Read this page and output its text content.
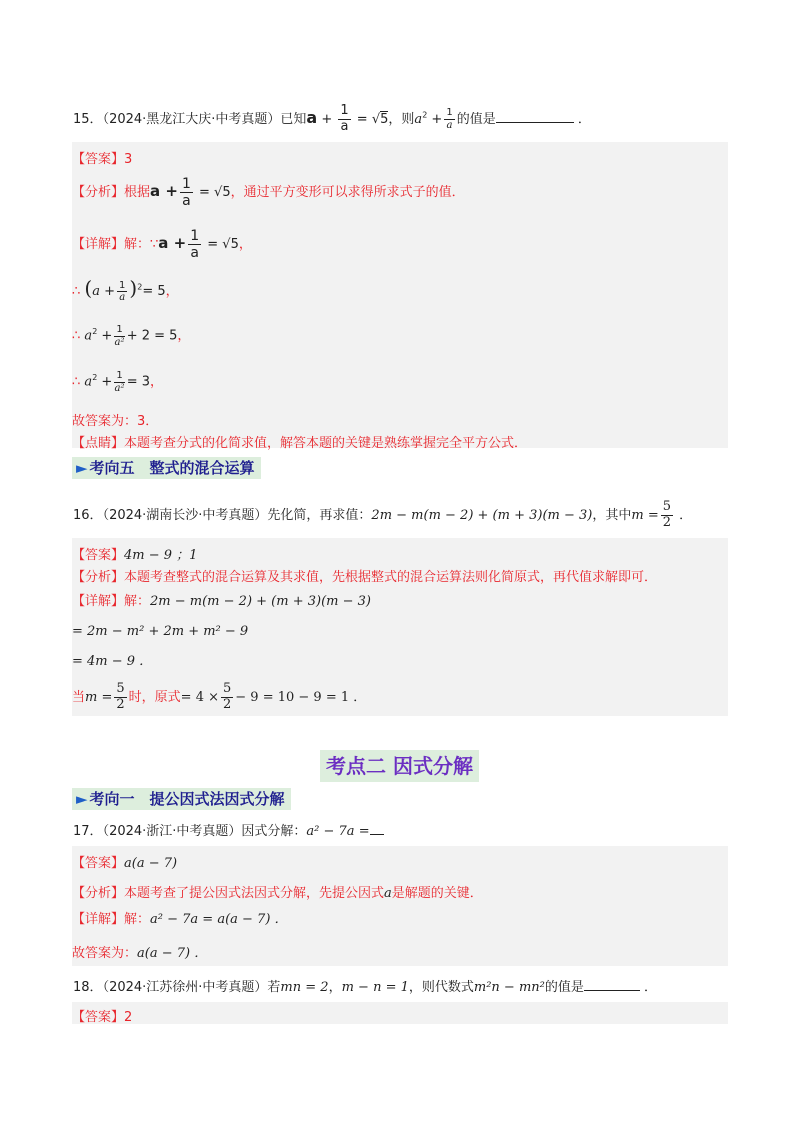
15．（2024·黑龙江大庆·中考真题）已知$a + \frac{1}{a} = √5$，则$a^2 + \frac{1}{a}$ 的值是	．
【答案】3
【分析】根据$a + \frac{1}{a} = √5$，通过平方变形可以求得所求式子的值．
【详解】解：∵a + $\frac{1}{a} = √5$，
∴ $(a + \frac{1}{a} )^2= 5$，
∴ $a^2 + \frac{1}{\text{a²}} + 2 = 5$，
∴ $a^2 + \frac{1}{\text{a²}} = 3$，
故答案为：3．
【点睛】本题考查分式的化简求值，解答本题的关键是熟练掌握完全平方公式．
► 考向五　整式的混合运算
16．（2024·湖南长沙·中考真题）先化简，再求值：2m − m(m − 2) + (m + 3)(m − 3)，其中$m = \frac{5}{2}$ ．
【答案】4m − 9 ；1
【分析】本题考查整式的混合运算及其求值，先根据整式的混合运算法则化简原式，再代值求解即可．
【详解】解：2m − m(m − 2) + (m + 3)(m − 3)
= 2m − m² + 2m + m² − 9
= 4m − 9 ．
当$m = \frac{5}{2}$ 时，原式= $4 \times \frac{5}{2} - 9 = 10 - 9 = 1$ ．
考点二 因式分解
► 考向一　提公因式法因式分解
17．（2024·浙江·中考真题）因式分解：a² − 7a =
【答案】a(a − 7)
【分析】本题考查了提公因式法因式分解，先提公因式a是解题的关键．
【详解】解：a² − 7a = a(a − 7) ．
故答案为：a(a − 7) ．
18．（2024·江苏徐州·中考真题）若mn = 2，m − n = 1，则代数式m²n − mn²的值是	．
【答案】2
